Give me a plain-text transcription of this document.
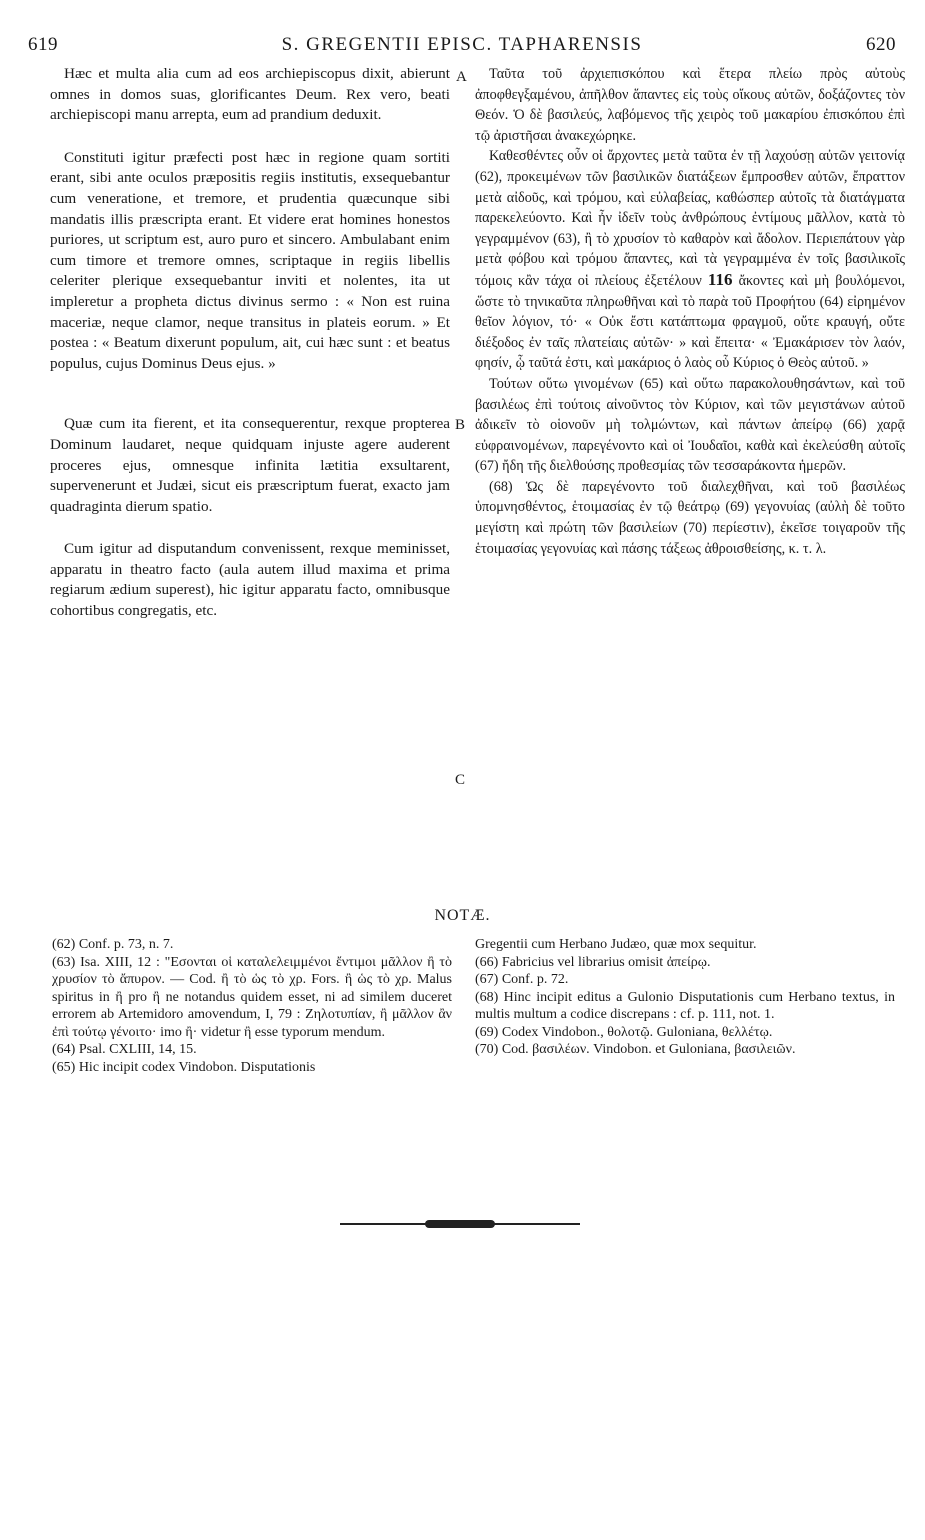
619	S. GREGENTII EPISC. TAPHARENSIS	620

Hæc et multa alia cum ad eos archiepiscopus dixit, abierunt omnes in domos suas, glorificantes Deum. Rex vero, beati archiepiscopi manu arrepta, eum ad prandium deduxit.

Constituti igitur præfecti post hæc in regione quam sortiti erant, sibi ante oculos præpositis regiis institutis, exsequebantur cum veneratione, et tremore, et prudentia quæcunque sibi mandatis illis præscripta erant. Et videre erat homines honestos puriores, ut scriptum est, auro puro et sincero. Ambulabant enim cum timore et tremore omnes, scriptaque in regiis libellis celeriter plerique exsequebantur inviti et nolentes, ita ut impleretur a propheta dictus divinus sermo : « Non est ruina maceriæ, neque clamor, neque transitus in plateis eorum. » Et postea : « Beatum dixerunt populum, ait, cui hæc sunt : et beatus populus, cujus Dominus Deus ejus. »

Quæ cum ita fierent, et ita consequerentur, rexque propterea Dominum laudaret, neque quidquam injuste agere auderent proceres ejus, omnesque infinita lætitia exsultarent, supervenerunt et Judæi, sicut eis præscriptum fuerat, exacto jam quadraginta dierum spatio.

Cum igitur ad disputandum convenissent, rexque meminisset, apparatu in theatro facto (aula autem illud maxima et prima regiarum ædium superest), hic igitur apparatu facto, omnibusque cohortibus congregatis, etc.

A
B
C

Ταῦτα τοῦ ἀρχιεπισκόπου καὶ ἕτερα πλείω πρὸς αὐτοὺς ἀποφθεγξαμένου, ἀπῆλθον ἅπαντες εἰς τοὺς οἴκους αὐτῶν, δοξάζοντες τὸν Θεόν. Ὁ δὲ βασιλεύς, λαβόμενος τῆς χειρὸς τοῦ μακαρίου ἐπισκόπου ἐπὶ τῷ ἀριστῆσαι ἀνακεχώρηκε.

Καθεσθέντες οὖν οἱ ἄρχοντες μετὰ ταῦτα ἐν τῇ λαχούσῃ αὐτῶν γειτονίᾳ (62), προκειμένων τῶν βασιλικῶν διατάξεων ἔμπροσθεν αὐτῶν, ἔπραττον μετὰ αἰδοῦς, καὶ τρόμου, καὶ εὐλαβείας, καθώσπερ αὐτοῖς τὰ διατάγματα παρεκελεύοντο. Καὶ ἦν ἰδεῖν τοὺς ἀνθρώπους ἐντίμους μᾶλλον, κατὰ τὸ γεγραμμένον (63), ἢ τὸ χρυσίον τὸ καθαρὸν καὶ ἄδολον. Περιεπάτουν γὰρ μετὰ φόβου καὶ τρόμου ἅπαντες, καὶ τὰ γεγραμμένα ἐν τοῖς βασιλικοῖς τόμοις κἂν τάχα οἱ πλείους ἐξετέλουν 116 ἄκοντες καὶ μὴ βουλόμενοι, ὥστε τὸ τηνικαῦτα πληρωθῆναι καὶ τὸ παρὰ τοῦ Προφήτου (64) εἰρημένον θεῖον λόγιον, τό· « Οὐκ ἔστι κατάπτωμα φραγμοῦ, οὔτε κραυγή, οὔτε διέξοδος ἐν ταῖς πλατείαις αὐτῶν· » καὶ ἔπειτα· « Ἐμακάρισεν τὸν λαόν, φησίν, ᾧ ταῦτά ἐστι, καὶ μακάριος ὁ λαὸς οὗ Κύριος ὁ Θεὸς αὐτοῦ. »

Τούτων οὕτω γινομένων (65) καὶ οὕτω παρακολουθησάντων, καὶ τοῦ βασιλέως ἐπὶ τούτοις αἰνοῦντος τὸν Κύριον, καὶ τῶν μεγιστάνων αὐτοῦ ἀδικεῖν τὸ οἱονοῦν μὴ τολμώντων, καὶ πάντων ἀπείρῳ (66) χαρᾷ εὐφραινομένων, παρεγένοντο καὶ οἱ Ἰουδαῖοι, καθὰ καὶ ἐκελεύσθη αὐτοῖς (67) ἤδη τῆς διελθούσης προθεσμίας τῶν τεσσαράκοντα ἡμερῶν.

(68) Ὡς δὲ παρεγένοντο τοῦ διαλεχθῆναι, καὶ τοῦ βασιλέως ὑπομνησθέντος, ἑτοιμασίας ἐν τῷ θεάτρῳ (69) γεγονυίας (αὐλὴ δὲ τοῦτο μεγίστη καὶ πρώτη τῶν βασιλείων (70) περίεστιν), ἐκεῖσε τοιγαροῦν τῆς ἑτοιμασίας γεγονυίας καὶ πάσης τάξεως ἀθροισθείσης, κ. τ. λ.

NOTÆ.

(62) Conf. p. 73, n. 7.

(63) Isa. XIII, 12 : "Εσονται οἱ καταλελειμμένοι ἔντιμοι μᾶλλον ἢ τὸ χρυσίον τὸ ἄπυρον. — Cod. ἢ τὸ ὡς τὸ χρ. Fors. ἢ ὡς τὸ χρ. Malus spiritus in ἢ pro ἢ ne notandus quidem esset, ni ad similem duceret errorem ab Artemidoro amovendum, I, 79 : Ζηλοτυπίαν, ἢ μᾶλλον ἂν ἐπὶ τούτῳ γένοιτο· imo ἢ· videtur ἢ esse typorum mendum.

(64) Psal. CXLIII, 14, 15.

(65) Hic incipit codex Vindobon. Disputationis

Gregentii cum Herbano Judæo, quæ mox sequitur.

(66) Fabricius vel librarius omisit ἀπείρῳ.

(67) Conf. p. 72.

(68) Hinc incipit editus a Gulonio Disputationis cum Herbano textus, in multis multum a codice discrepans : cf. p. 111, not. 1.

(69) Codex Vindobon., θολοτῷ. Guloniana, θελλέτῳ.

(70) Cod. βασιλέων. Vindobon. et Guloniana, βασιλειῶν.
